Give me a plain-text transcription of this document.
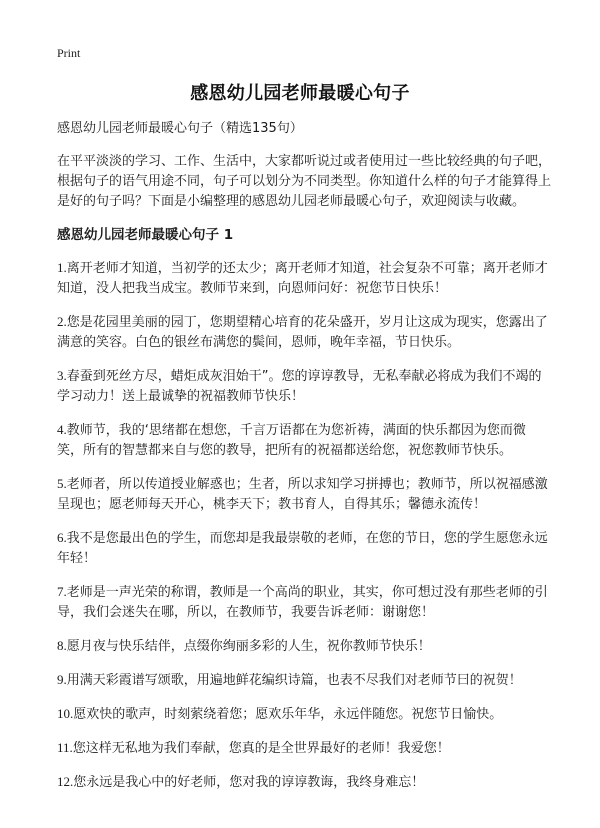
Print
感恩幼儿园老师最暖心句子

感恩幼儿园老师最暖心句子（精选135句）

在平平淡淡的学习、工作、生活中，大家都听说过或者使用过一些比较经典的句子吧，根据句子的语气用途不同，句子可以划分为不同类型。你知道什么样的句子才能算得上是好的句子吗？下面是小编整理的感恩幼儿园老师最暖心句子，欢迎阅读与收藏。

感恩幼儿园老师最暖心句子 1

1.离开老师才知道，当初学的还太少；离开老师才知道，社会复杂不可靠；离开老师才知道，没人把我当成宝。教师节来到，向恩师问好：祝您节日快乐！

2.您是花园里美丽的园丁，您期望精心培育的花朵盛开，岁月让这成为现实，您露出了满意的笑容。白色的银丝布满您的鬓间，恩师，晚年幸福，节日快乐。

3.春蚕到死丝方尽，蜡炬成灰泪始干”。您的谆谆教导，无私奉献必将成为我们不竭的学习动力！送上最诚挚的祝福教师节快乐！

4.教师节，我的‘思绪都在想您，千言万语都在为您祈祷，满面的快乐都因为您而微笑，所有的智慧都来自与您的教导，把所有的祝福都送给您，祝您教师节快乐。

5.老师者，所以传道授业解惑也；生者，所以求知学习拼搏也；教师节，所以祝福感激呈现也；愿老师每天开心，桃李天下；教书育人，自得其乐；馨德永流传！

6.我不是您最出色的学生，而您却是我最崇敬的老师，在您的节日，您的学生愿您永远年轻！

7.老师是一声光荣的称谓，教师是一个高尚的职业，其实，你可想过没有那些老师的引导，我们会迷失在哪，所以，在教师节，我要告诉老师：谢谢您！

8.愿月夜与快乐结伴，点缀你绚丽多彩的人生，祝你教师节快乐！

9.用满天彩霞谱写颂歌，用遍地鲜花编织诗篇，也表不尽我们对老师节曰的祝贺！

10.愿欢快的歌声，时刻萦绕着您；愿欢乐年华，永远伴随您。祝您节日愉快。

11.您这样无私地为我们奉献，您真的是全世界最好的老师！我爱您！

12.您永远是我心中的好老师，您对我的谆谆教诲，我终身难忘！
